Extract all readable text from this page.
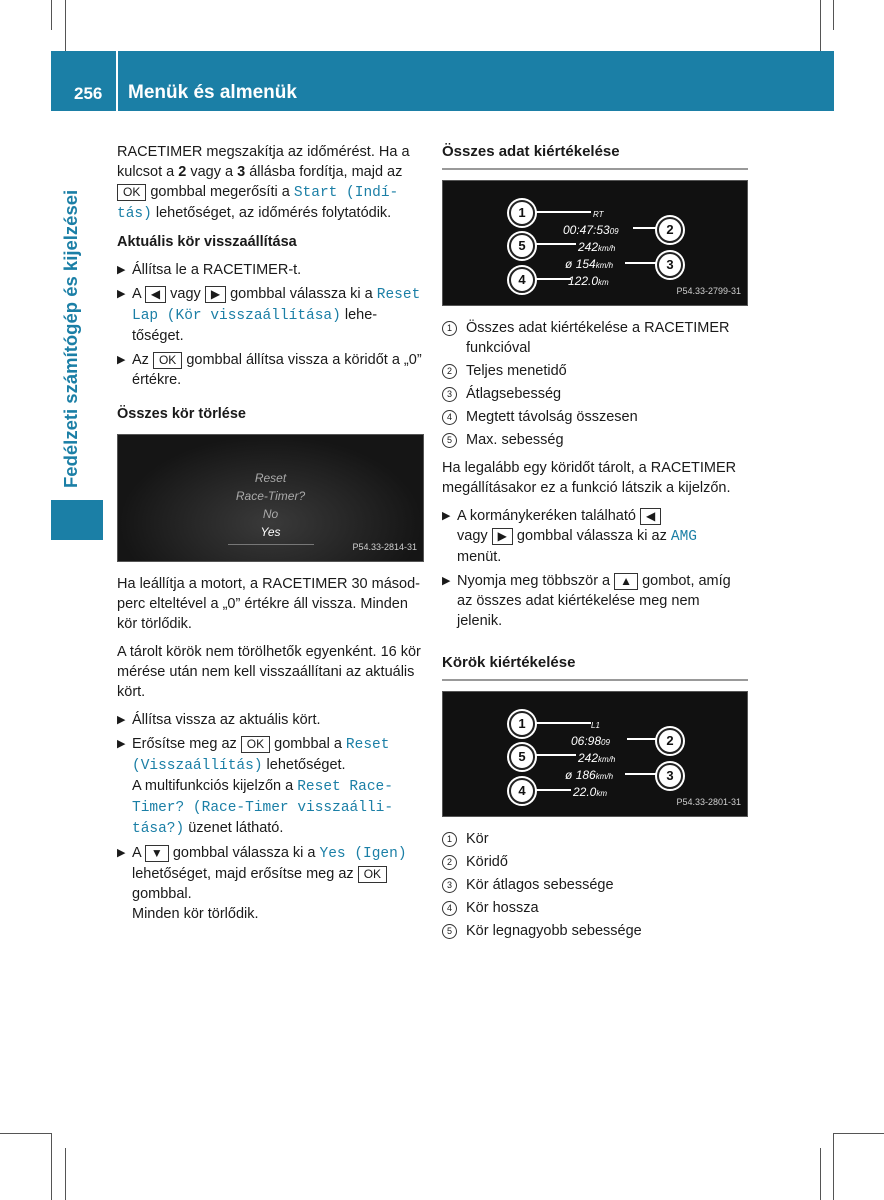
256 Menük és almenük
Fedélzeti számítógép és kijelzései

RACETIMER megszakítja az időmérést. Ha a kulcsot a 2 vagy a 3 állásba fordítja, majd az OK gombbal megerősíti a Start (Indí-tás) lehetőséget, az időmérés folytatódik.

Aktuális kör visszaállítása

▶ Állítsa le a RACETIMER-t.
▶ A ◀ vagy ▶ gombbal válassza ki a Reset Lap (Kör visszaállítása) lehe-tőséget.
▶ Az OK gombbal állítsa vissza a köridőt a „0” értékre.

Összes kör törlése

Reset
Race-Timer?
No
Yes
P54.33-2814-31

Ha leállítja a motort, a RACETIMER 30 másod-perc elteltével a „0” értékre áll vissza. Minden kör törlődik.

A tárolt körök nem törölhetők egyenként. 16 kör mérése után nem kell visszaállítani az aktuális kört.

▶ Állítsa vissza az aktuális kört.
▶ Erősítse meg az OK gombbal a Reset (Visszaállítás) lehetőséget.
A multifunkciós kijelzőn a Reset Race-Timer? (Race-Timer visszaálli-tása?) üzenet látható.
▶ A ▼ gombbal válassza ki a Yes (Igen) lehetőséget, majd erősítse meg az OK gombbal.
Minden kör törlődik.

Összes adat kiértékelése

RT
00:47:5309
242km/h
ø 154km/h
122.0km
1
2
5
3
4
P54.33-2799-31
1 Összes adat kiértékelése a RACETIMER funkcióval
2 Teljes menetidő
3 Átlagsebesség
4 Megtett távolság összesen
5 Max. sebesség

Ha legalább egy köridőt tárolt, a RACETIMER megállításakor ez a funkció látszik a kijelzőn.

▶ A kormánykeréken található ◀
vagy ▶ gombbal válassza ki az AMG
menüt.
▶ Nyomja meg többször a ▲ gombot, amíg az összes adat kiértékelése meg nem jelenik.

Körök kiértékelése

L1
06:9809
242km/h
ø 186km/h
22.0km
1
2
5
3
4
P54.33-2801-31
1 Kör
2 Köridő
3 Kör átlagos sebessége
4 Kör hossza
5 Kör legnagyobb sebessége
